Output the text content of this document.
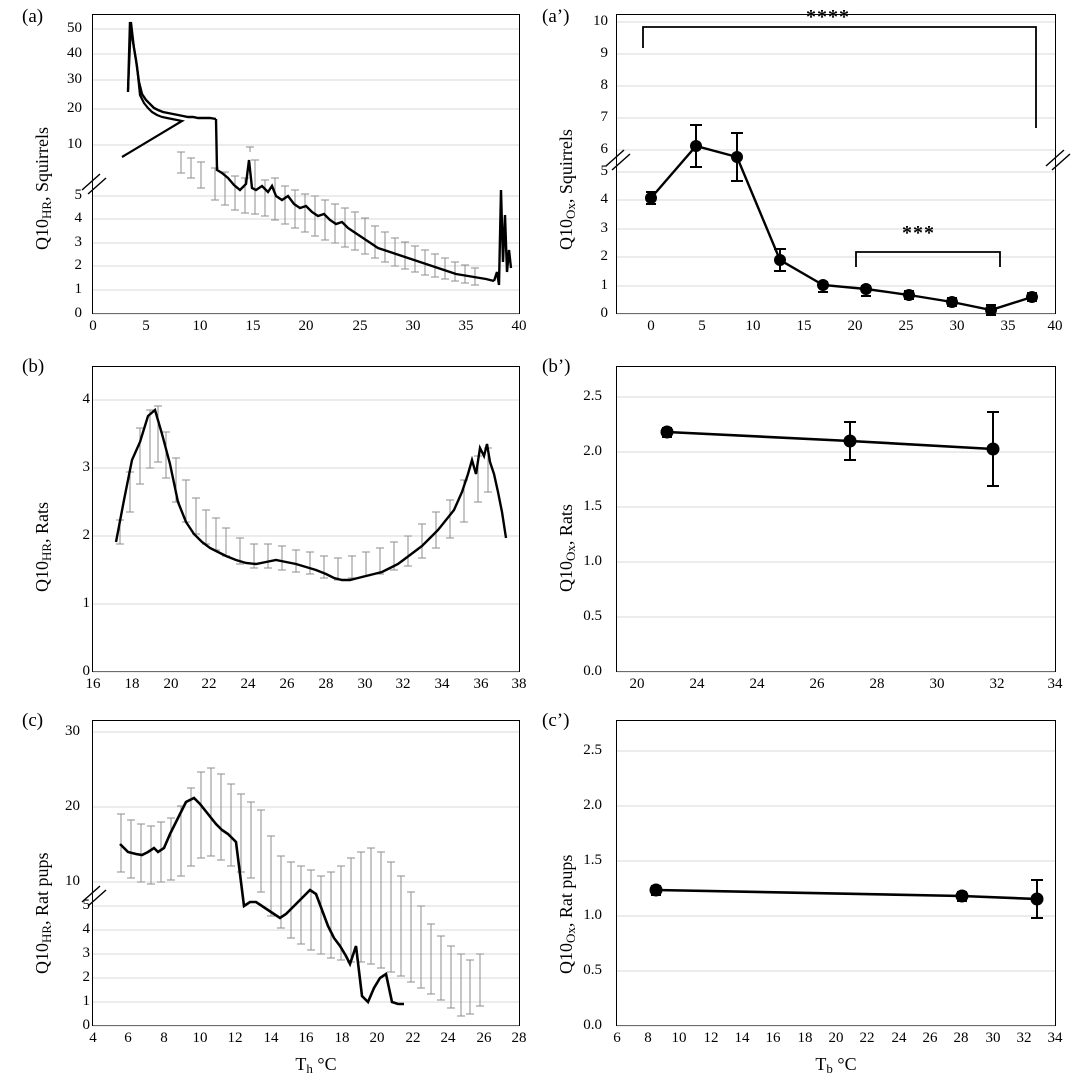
(a)
$Q10_{HR}$, Squirrels
0
1
2
3
4
5
10
20
30
40
50
0	5	10	15	20	25	30	35	40
(a’)
$Q10_{Ox}$, Squirrels
****
***
0
1
2
3
4
5
6
7
8
9
10
0	5	10	15	20	25	30	35	40
(b)
$Q10_{HR}$, Rats
0
1
2
3
4
16	18	20	22	24	26	28	30	32	34	36	38
(b’)
$Q10_{Ox}$, Rats
0.0
0.5
1.0
1.5
2.0
2.5
20	24	24	26	28	30	32	34
(c)
$Q10_{HR}$, Rat pups
0
1
2
3
4
5
10
20
30
4	6	8	10	12	14	16	18	20	22	24	26	28
$T_h$ °C
(c’)
$Q10_{Ox}$, Rat pups
0.0
0.5
1.0
1.5
2.0
2.5
6	8	10	12	14	16	18	20	22	24	26	28	30	32	34
$T_b$ °C
